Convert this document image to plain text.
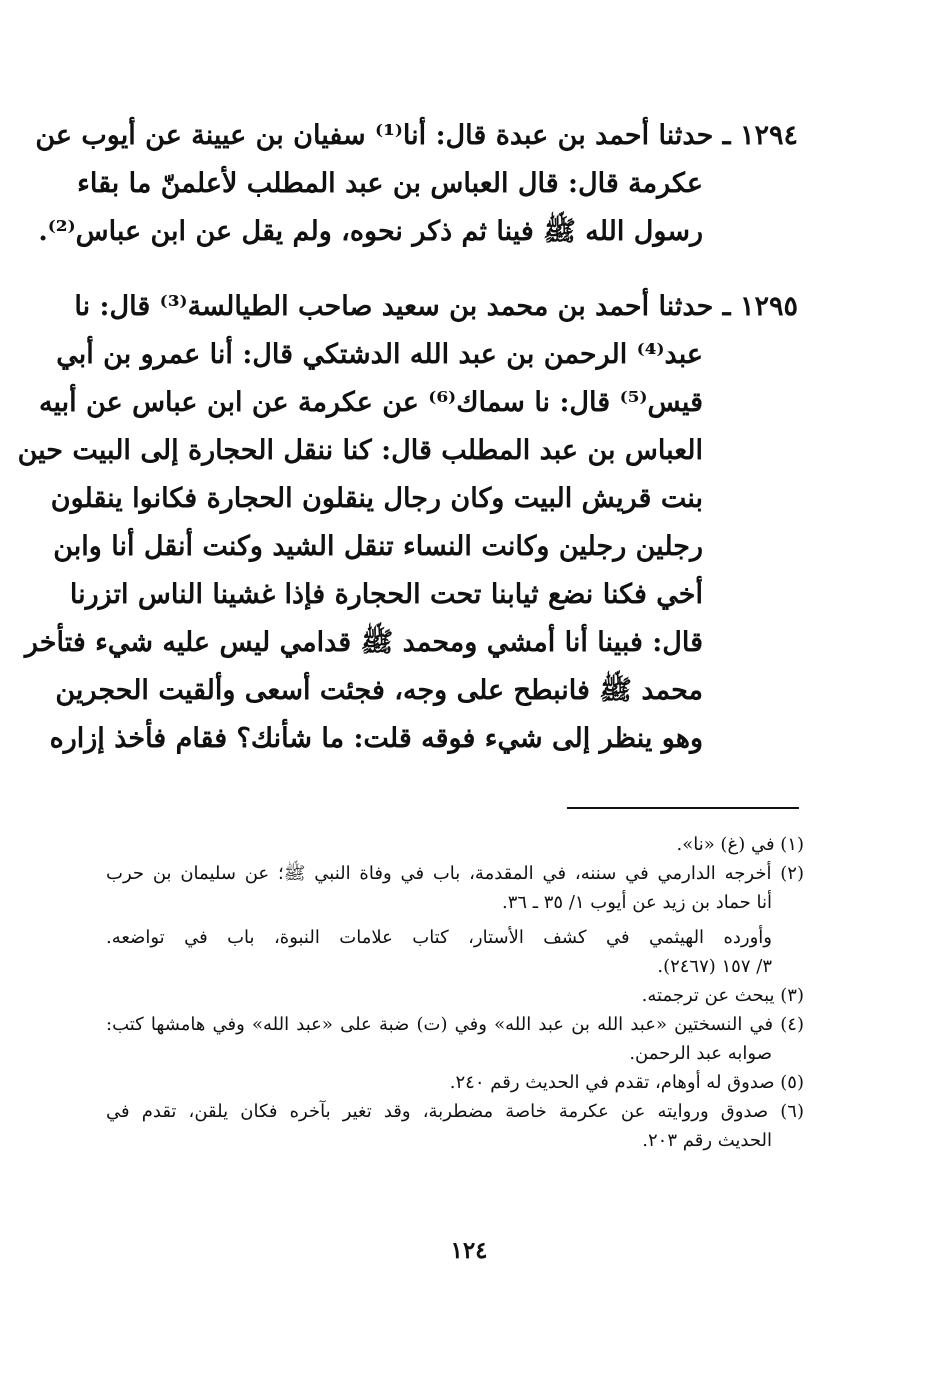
١٢٩٤ ـ حدثنا أحمد بن عبدة قال: أنا⁽¹⁾ سفيان بن عيينة عن أيوب عن
عكرمة قال: قال العباس بن عبد المطلب لأعلمنّ ما بقاء
رسول الله ﷺ فينا ثم ذكر نحوه، ولم يقل عن ابن عباس⁽²⁾.
١٢٩٥ ـ حدثنا أحمد بن محمد بن سعيد صاحب الطيالسة⁽³⁾ قال: نا
عبد⁽⁴⁾ الرحمن بن عبد الله الدشتكي قال: أنا عمرو بن أبي
قيس⁽⁵⁾ قال: نا سماك⁽⁶⁾ عن عكرمة عن ابن عباس عن أبيه
العباس بن عبد المطلب قال: كنا ننقل الحجارة إلى البيت حين
بنت قريش البيت وكان رجال ينقلون الحجارة فكانوا ينقلون
رجلين رجلين وكانت النساء تنقل الشيد وكنت أنقل أنا وابن
أخي فكنا نضع ثيابنا تحت الحجارة فإذا غشينا الناس اتزرنا
قال: فبينا أنا أمشي ومحمد ﷺ قدامي ليس عليه شيء فتأخر
محمد ﷺ فانبطح على وجه، فجئت أسعى وألقيت الحجرين
وهو ينظر إلى شيء فوقه قلت: ما شأنك؟ فقام فأخذ إزاره
(١) في (غ) «نا».
(٢) أخرجه الدارمي في سننه، في المقدمة، باب في وفاة النبي ﷺ؛ عن سليمان بن حرب
أنا حماد بن زيد عن أيوب ١/ ٣٥ ـ ٣٦.
وأورده الهيثمي في كشف الأستار، كتاب علامات النبوة، باب في تواضعه.
٣/ ١٥٧ (٢٤٦٧).
(٣) يبحث عن ترجمته.
(٤) في النسختين «عبد الله بن عبد الله» وفي (ت) ضبة على «عبد الله» وفي هامشها كتب:
صوابه عبد الرحمن.
(٥) صدوق له أوهام، تقدم في الحديث رقم ٢٤٠.
(٦) صدوق وروايته عن عكرمة خاصة مضطربة، وقد تغير بآخره فكان يلقن، تقدم في
الحديث رقم ٢٠٣.
١٢٤
